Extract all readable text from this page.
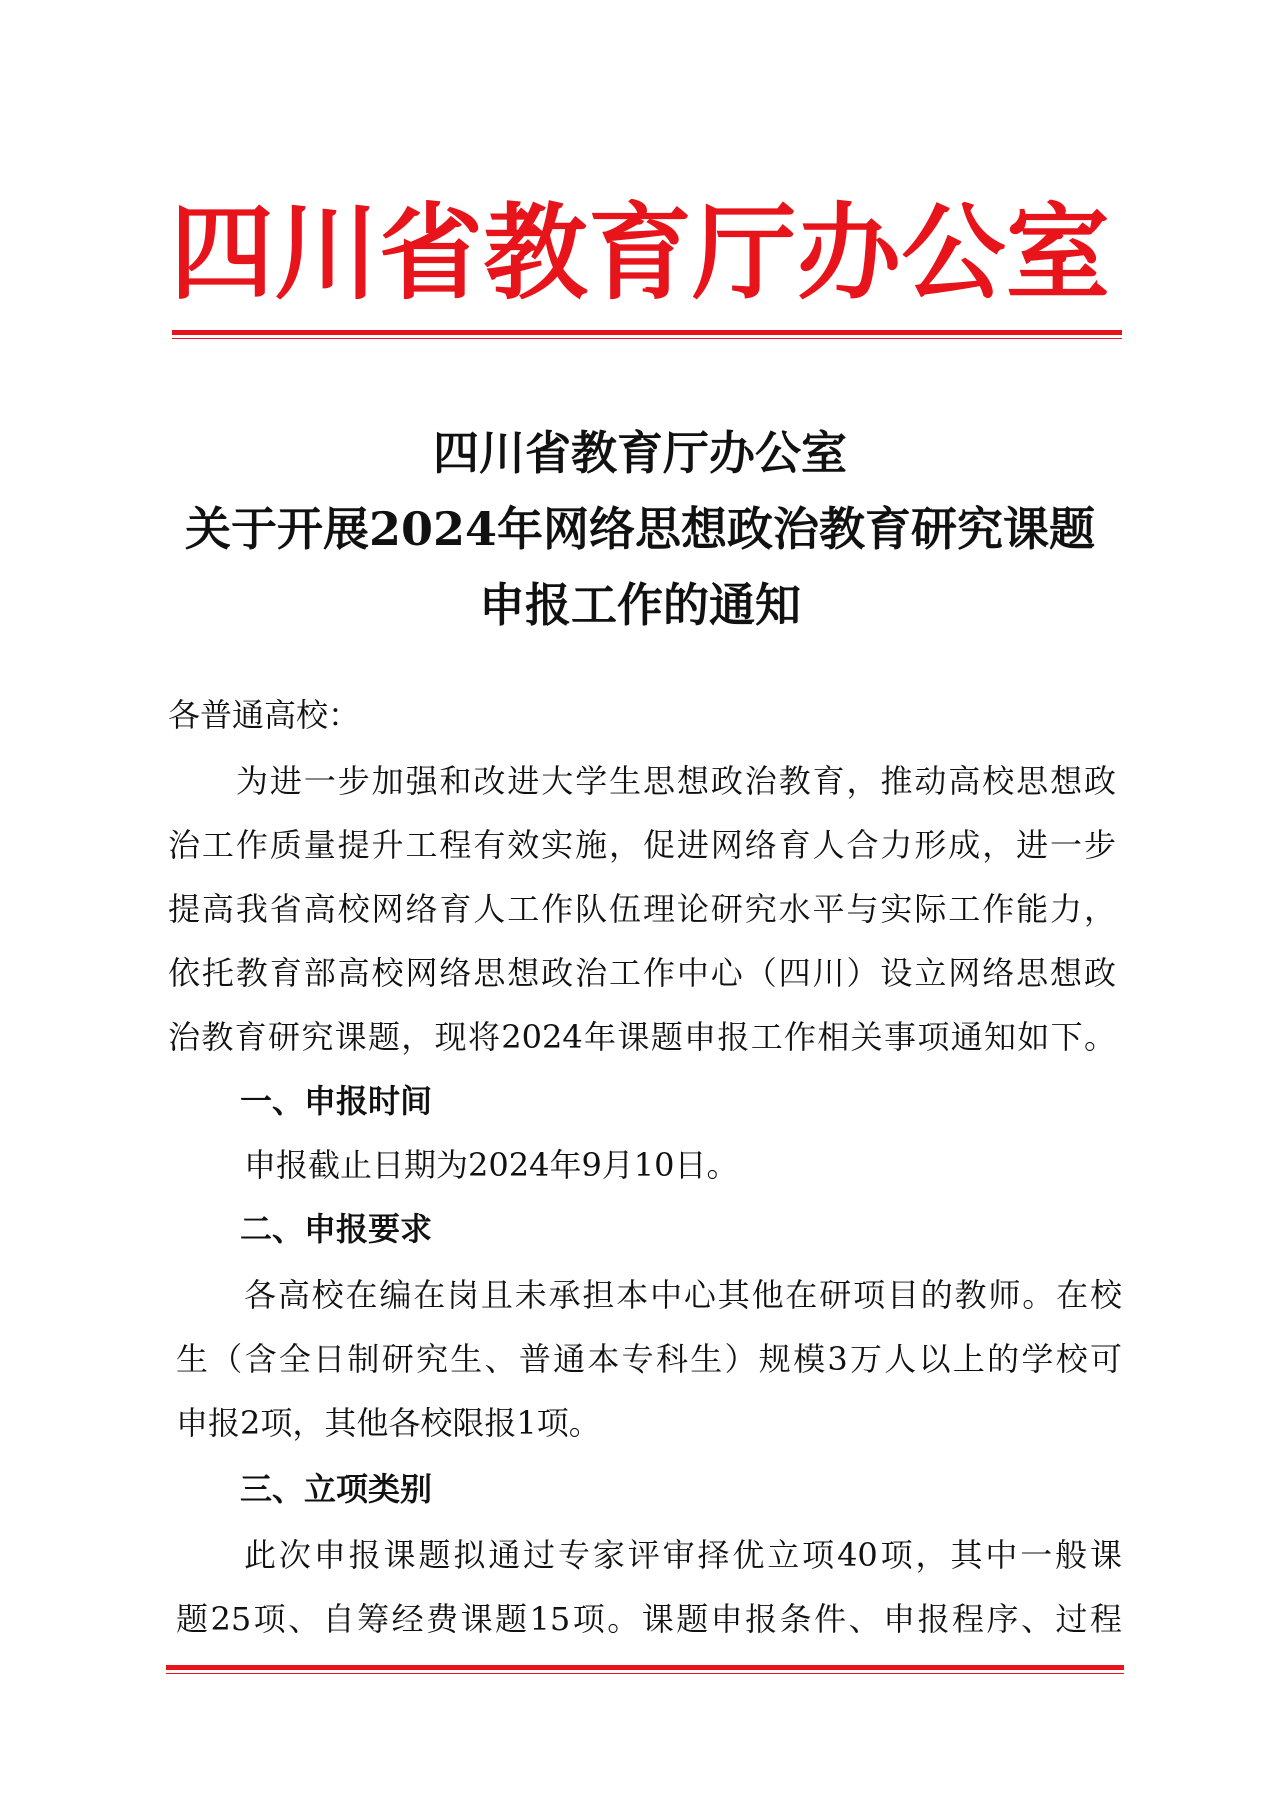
四 川 省 教 育 厅 办 公 室
四川省教育厅办公室
关于开展2024年网络思想政治教育研究课题
申报工作的通知
各普通高校：
为进一步加强和改进大学生思想政治教育，推动高校思想政
治工作质量提升工程有效实施，促进网络育人合力形成，进一步
提高我省高校网络育人工作队伍理论研究水平与实际工作能力，
依托教育部高校网络思想政治工作中心（四川）设立网络思想政
治教育研究课题，现将2024年课题申报工作相关事项通知如下。
一、申报时间
申报截止日期为2024年9月10日。
二、申报要求
各高校在编在岗且未承担本中心其他在研项目的教师。在校
生（含全日制研究生、普通本专科生）规模3万人以上的学校可
申报2项，其他各校限报1项。
三、立项类别
此次申报课题拟通过专家评审择优立项40项，其中一般课
题25项、自筹经费课题15项。课题申报条件、申报程序、过程
